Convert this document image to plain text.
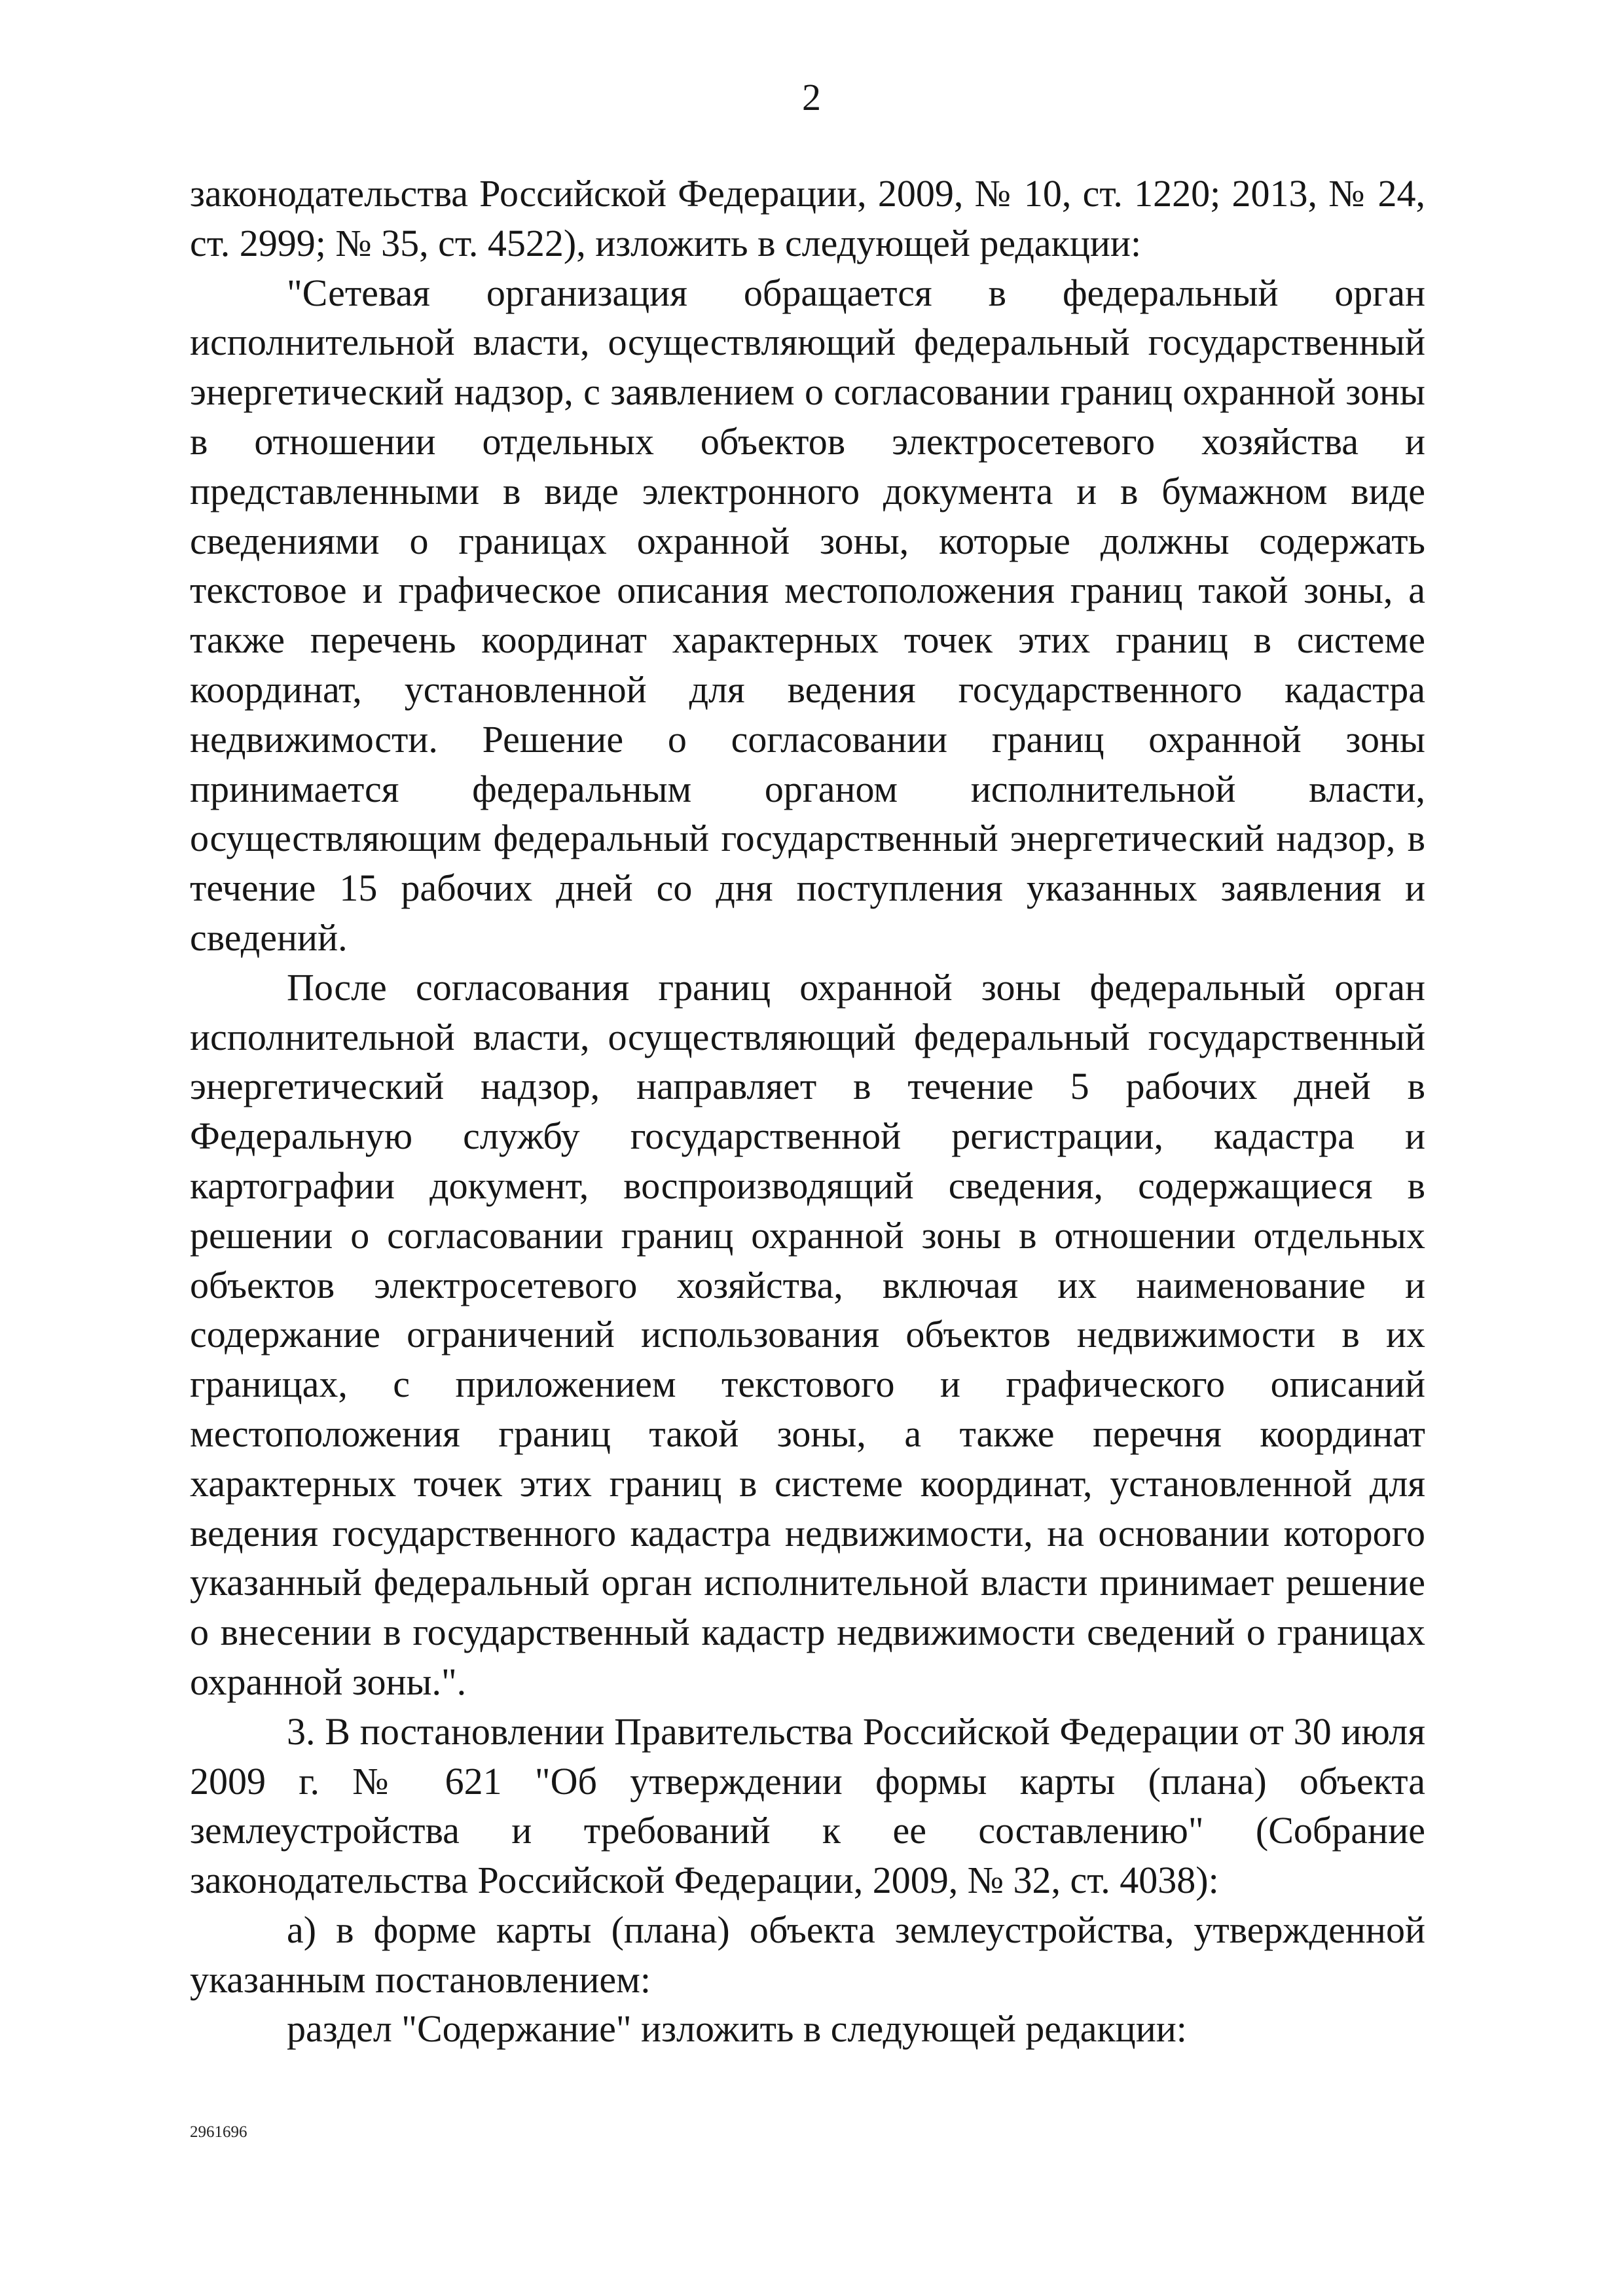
2

законодательства Российской Федерации, 2009, № 10, ст. 1220; 2013, № 24, ст. 2999; № 35, ст. 4522), изложить в следующей редакции:

"Сетевая организация обращается в федеральный орган исполнительной власти, осуществляющий федеральный государственный энергетический надзор, с заявлением о согласовании границ охранной зоны в отношении отдельных объектов электросетевого хозяйства и представленными в виде электронного документа и в бумажном виде сведениями о границах охранной зоны, которые должны содержать текстовое и графическое описания местоположения границ такой зоны, а также перечень координат характерных точек этих границ в системе координат, установленной для ведения государственного кадастра недвижимости. Решение о согласовании границ охранной зоны принимается федеральным органом исполнительной власти, осуществляющим федеральный государственный энергетический надзор, в течение 15 рабочих дней со дня поступления указанных заявления и сведений.

После согласования границ охранной зоны федеральный орган исполнительной власти, осуществляющий федеральный государственный энергетический надзор, направляет в течение 5 рабочих дней в Федеральную службу государственной регистрации, кадастра и картографии документ, воспроизводящий сведения, содержащиеся в решении о согласовании границ охранной зоны в отношении отдельных объектов электросетевого хозяйства, включая их наименование и содержание ограничений использования объектов недвижимости в их границах, с приложением текстового и графического описаний местоположения границ такой зоны, а также перечня координат характерных точек этих границ в системе координат, установленной для ведения государственного кадастра недвижимости, на основании которого указанный федеральный орган исполнительной власти принимает решение о внесении в государственный кадастр недвижимости сведений о границах охранной зоны.".

3. В постановлении Правительства Российской Федерации от 30 июля 2009 г. № 621 "Об утверждении формы карты (плана) объекта землеустройства и требований к ее составлению" (Собрание законодательства Российской Федерации, 2009, № 32, ст. 4038):

а) в форме карты (плана) объекта землеустройства, утвержденной указанным постановлением:

раздел "Содержание" изложить в следующей редакции:

2961696
